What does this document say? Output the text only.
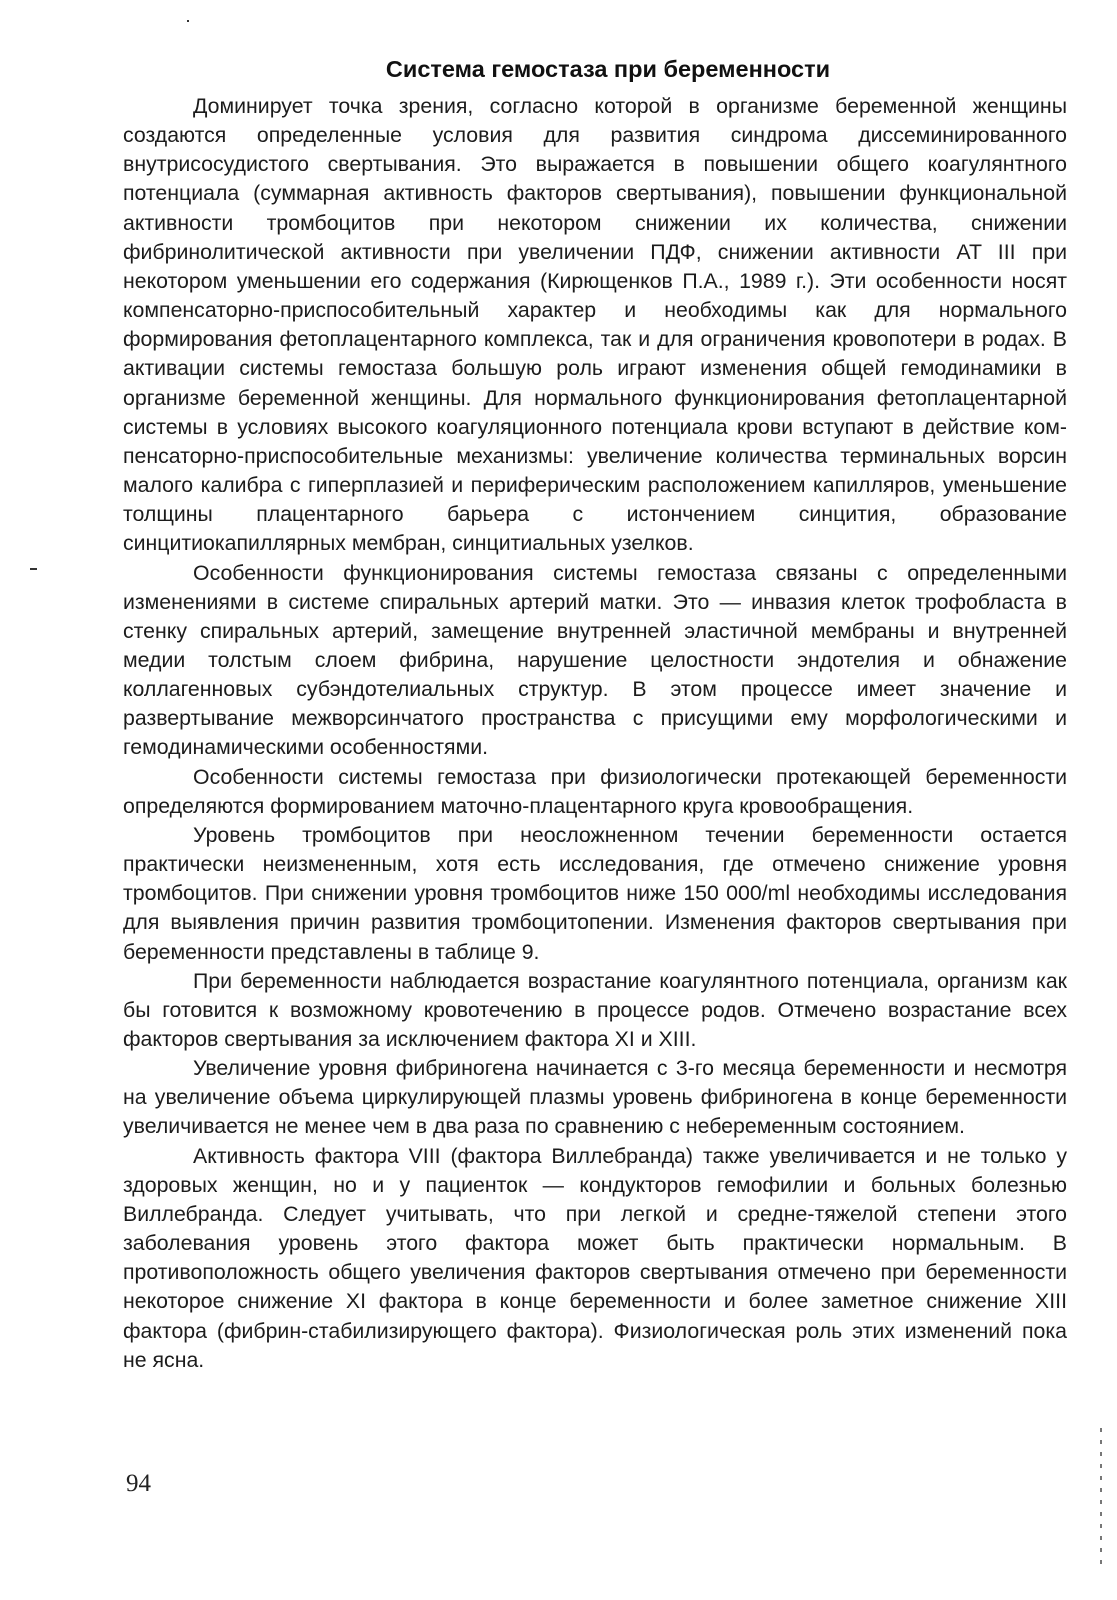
Система гемостаза при беременности

Доминирует точка зрения, согласно которой в организме беременной женщины создаются определенные условия для развития синдрома диссеминированного внутрисосудистого свертывания. Это выражается в повышении общего коагулянтного потенциала (суммарная активность факторов свертывания), повышении функциональной активности тромбоцитов при некотором снижении их количества, снижении фибринолитической активности при увеличении ПДФ, снижении активности AT III при некотором уменьшении его содержания (Кирющенков П.А., 1989 г.). Эти особенности носят компенсаторно-приспособительный характер и необходимы как для нормального формирования фетоплацентарного комплекса, так и для ограничения кровопотери в родах. В активации системы гемостаза большую роль играют изменения общей гемодинамики в организме беременной женщины. Для нормального функционирования фетоплацентарной системы в условиях высокого коагуляционного потенциала крови вступают в действие компенсаторно-приспособительные механизмы: увеличение количества терминальных ворсин малого калибра с гиперплазией и периферическим расположением капилляров, уменьшение толщины плацентарного барьера с истончением синцития, образование синцитиокапиллярных мембран, синцитиальных узелков.

Особенности функционирования системы гемостаза связаны с определенными изменениями в системе спиральных артерий матки. Это — инвазия клеток трофобласта в стенку спиральных артерий, замещение внутренней эластичной мембраны и внутренней медии толстым слоем фибрина, нарушение целостности эндотелия и обнажение коллагенновых субэндотелиальных структур. В этом процессе имеет значение и развертывание межворсинчатого пространства с присущими ему морфологическими и гемодинамическими особенностями.

Особенности системы гемостаза при физиологически протекающей беременности определяются формированием маточно-плацентарного круга кровообращения.

Уровень тромбоцитов при неосложненном течении беременности остается практически неизмененным, хотя есть исследования, где отмечено снижение уровня тромбоцитов. При снижении уровня тромбоцитов ниже 150 000/ml необходимы исследования для выявления причин развития тромбоцитопении. Изменения факторов свертывания при беременности представлены в таблице 9.

При беременности наблюдается возрастание коагулянтного потенциала, организм как бы готовится к возможному кровотечению в процессе родов. Отмечено возрастание всех факторов свертывания за исключением фактора XI и XIII.

Увеличение уровня фибриногена начинается с 3-го месяца беременности и несмотря на увеличение объема циркулирующей плазмы уровень фибриногена в конце беременности увеличивается не менее чем в два раза по сравнению с небеременным состоянием.

Активность фактора VIII (фактора Виллебранда) также увеличивается и не только у здоровых женщин, но и у пациенток — кондукторов гемофилии и больных болезнью Виллебранда. Следует учитывать, что при легкой и средне-тяжелой степени этого заболевания уровень этого фактора может быть практически нормальным. В противоположность общего увеличения факторов свертывания отмечено при беременности некоторое снижение XI фактора в конце беременности и более заметное снижение XIII фактора (фибрин-стабилизирующего фактора). Физиологическая роль этих изменений пока не ясна.

94
